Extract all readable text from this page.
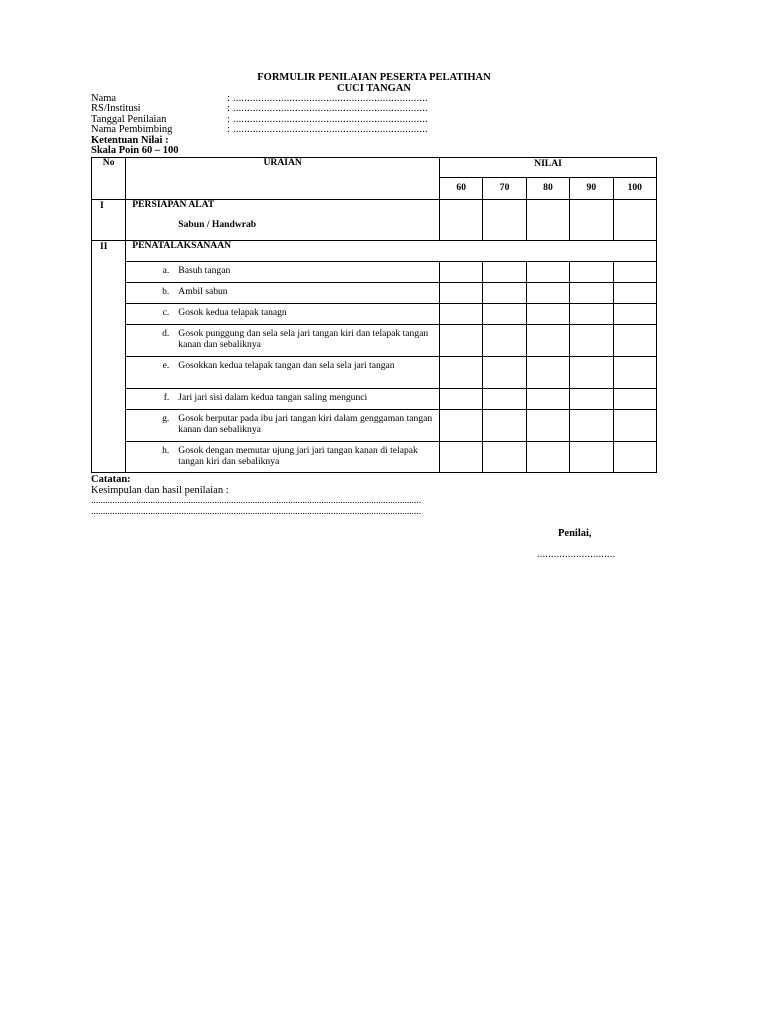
FORMULIR PENILAIAN PESERTA PELATIHAN
CUCI TANGAN
Nama	: .....................................................................
RS/Institusi	: .....................................................................
Tanggal Penilaian	: .....................................................................
Nama Pembimbing	: .....................................................................
Ketentuan Nilai :
Skala Poin 60 – 100
No	URAIAN	NILAI				
		60	70	80	90	100
I	PERSIAPAN ALAT
Sabun / Handwrab					

II	PENATALAKSANAAN					

	a. Basuh tangan					

	b. Ambil sabun					

	c. Gosok kedua telapak tanagn					

	d. Gosok punggung dan sela sela jari tangan kiri dan telapak tangan kanan dan sebaliknya					

	e. Gosokkan kedua telapak tangan dan sela sela jari tangan					

	f. Jari jari sisi dalam kedua tangan saling mengunci					

	g. Gosok berputar pada ibu jari tangan kiri dalam genggaman tangan kanan dan sebaliknya					

	h. Gosok dengan memutar ujung jari jari tangan kanan di telapak tangan kiri dan sebaliknya					

Catatan:
Kesimpulan dan hasil penilaian :
...........................................................................................................................................
...........................................................................................................................................
Penilai,
............................
